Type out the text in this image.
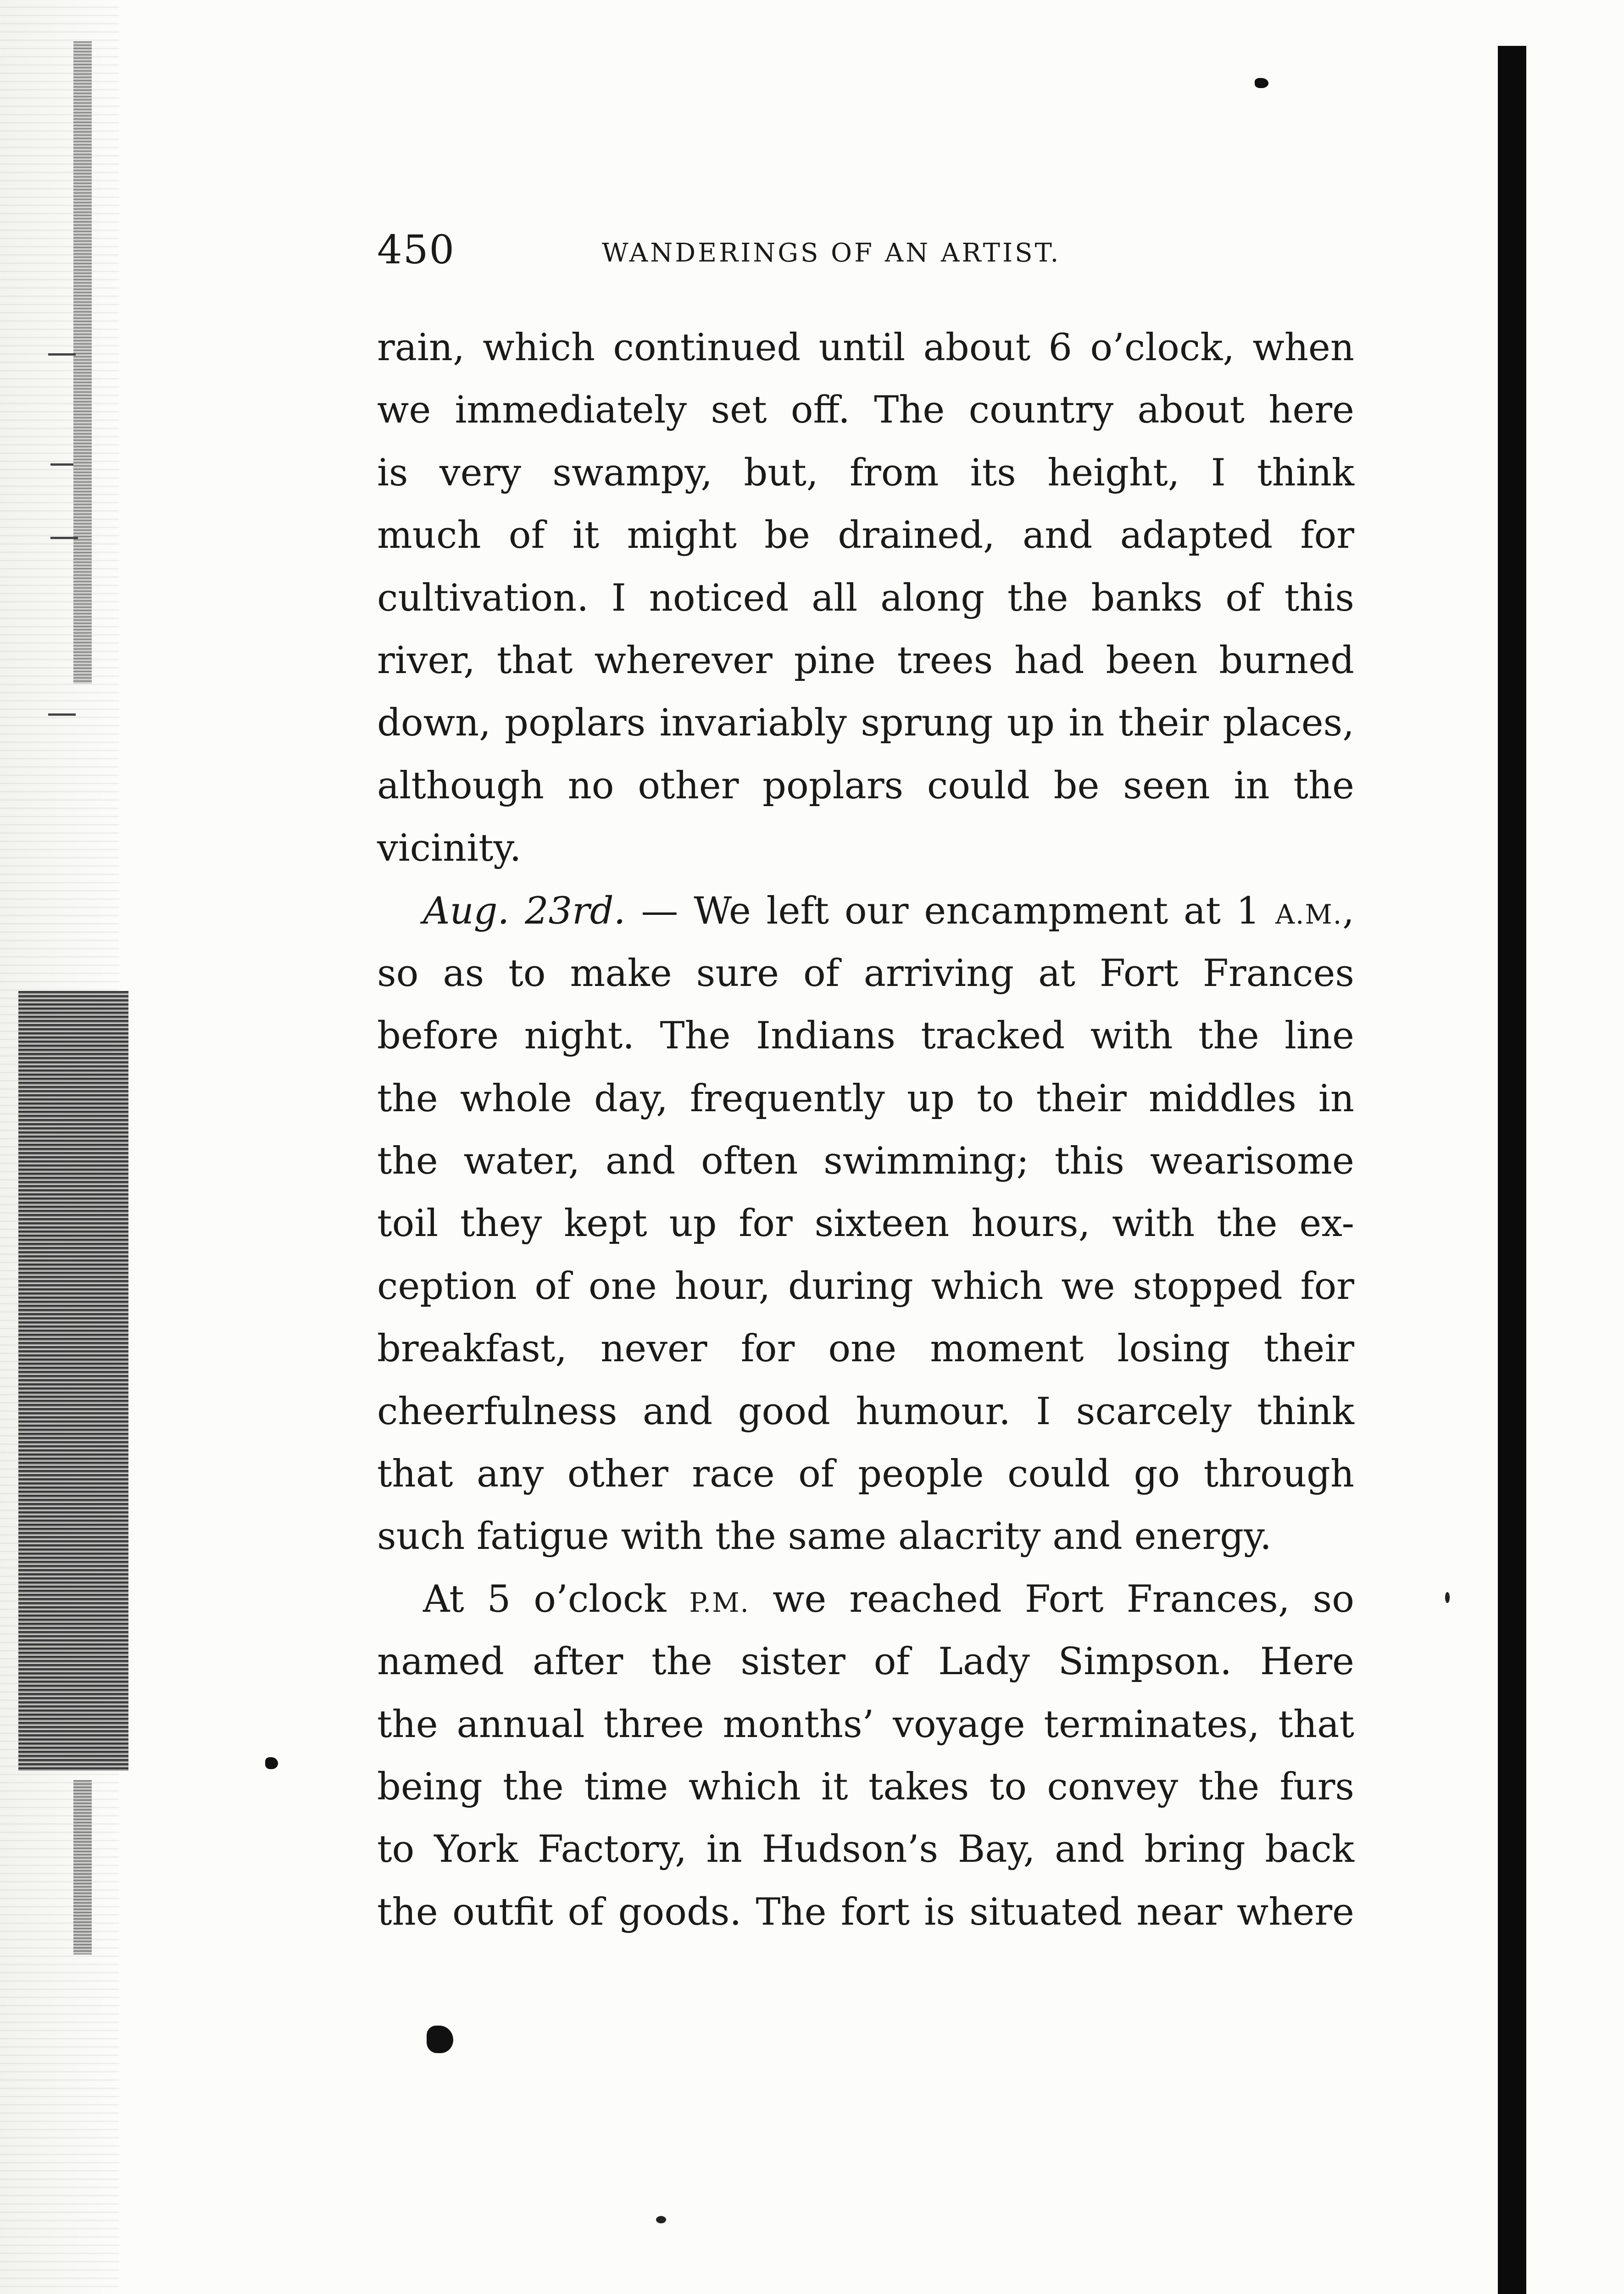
450	WANDERINGS OF AN ARTIST.
rain, which continued until about 6 o’clock, when
we immediately set off. The country about here
is very swampy, but, from its height, I think
much of it might be drained, and adapted for
cultivation. I noticed all along the banks of this
river, that wherever pine trees had been burned
down, poplars invariably sprung up in their places,
although no other poplars could be seen in the
vicinity.
Aug. 23rd. — We left our encampment at 1 A.M.,
so as to make sure of arriving at Fort Frances
before night. The Indians tracked with the line
the whole day, frequently up to their middles in
the water, and often swimming; this wearisome
toil they kept up for sixteen hours, with the ex-
ception of one hour, during which we stopped for
breakfast, never for one moment losing their
cheerfulness and good humour. I scarcely think
that any other race of people could go through
such fatigue with the same alacrity and energy.
At 5 o’clock P.M. we reached Fort Frances, so
named after the sister of Lady Simpson. Here
the annual three months’ voyage terminates, that
being the time which it takes to convey the furs
to York Factory, in Hudson’s Bay, and bring back
the outfit of goods. The fort is situated near where
